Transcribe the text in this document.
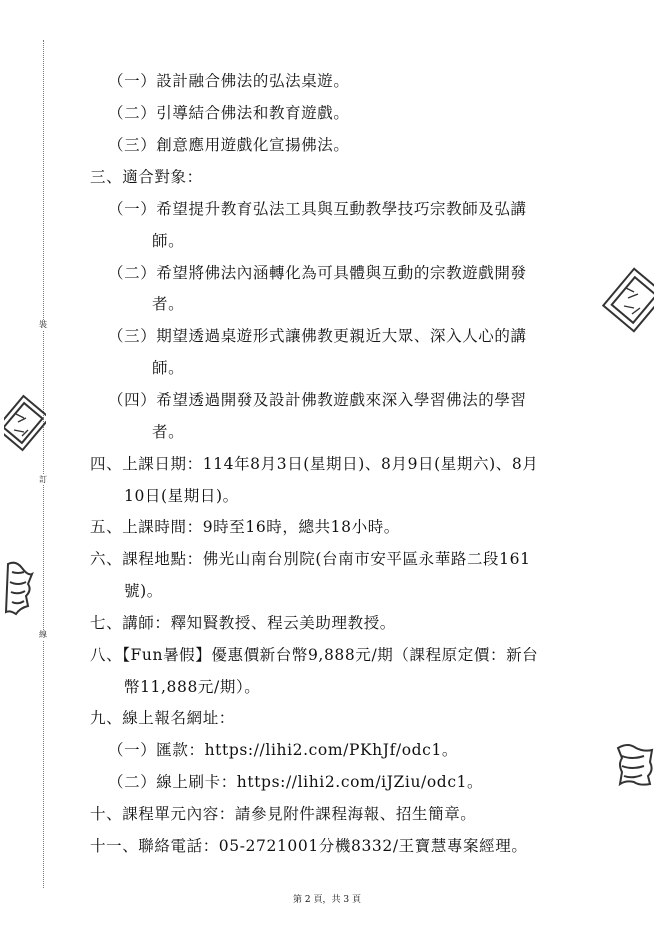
裝
訂
線
（一）設計融合佛法的弘法桌遊。
（二）引導結合佛法和教育遊戲。
（三）創意應用遊戲化宣揚佛法。
三、適合對象：
（一）希望提升教育弘法工具與互動教學技巧宗教師及弘講
師。
（二）希望將佛法內涵轉化為可具體與互動的宗教遊戲開發
者。
（三）期望透過桌遊形式讓佛教更親近大眾、深入人心的講
師。
（四）希望透過開發及設計佛教遊戲來深入學習佛法的學習
者。
四、上課日期：114年8月3日(星期日)、8月9日(星期六)、8月
10日(星期日)。
五、上課時間：9時至16時，總共18小時。
六、課程地點：佛光山南台別院(台南市安平區永華路二段161
號)。
七、講師：釋知賢教授、程云美助理教授。
八、【Fun暑假】優惠價新台幣9,888元/期（課程原定價：新台
幣11,888元/期）。
九、線上報名網址：
（一）匯款：https://lihi2.com/PKhJf/odc1。
（二）線上刷卡：https://lihi2.com/iJZiu/odc1。
十、課程單元內容：請參見附件課程海報、招生簡章。
十一、聯絡電話：05-2721001分機8332/王寶慧專案經理。
第 2 頁，共 3 頁
